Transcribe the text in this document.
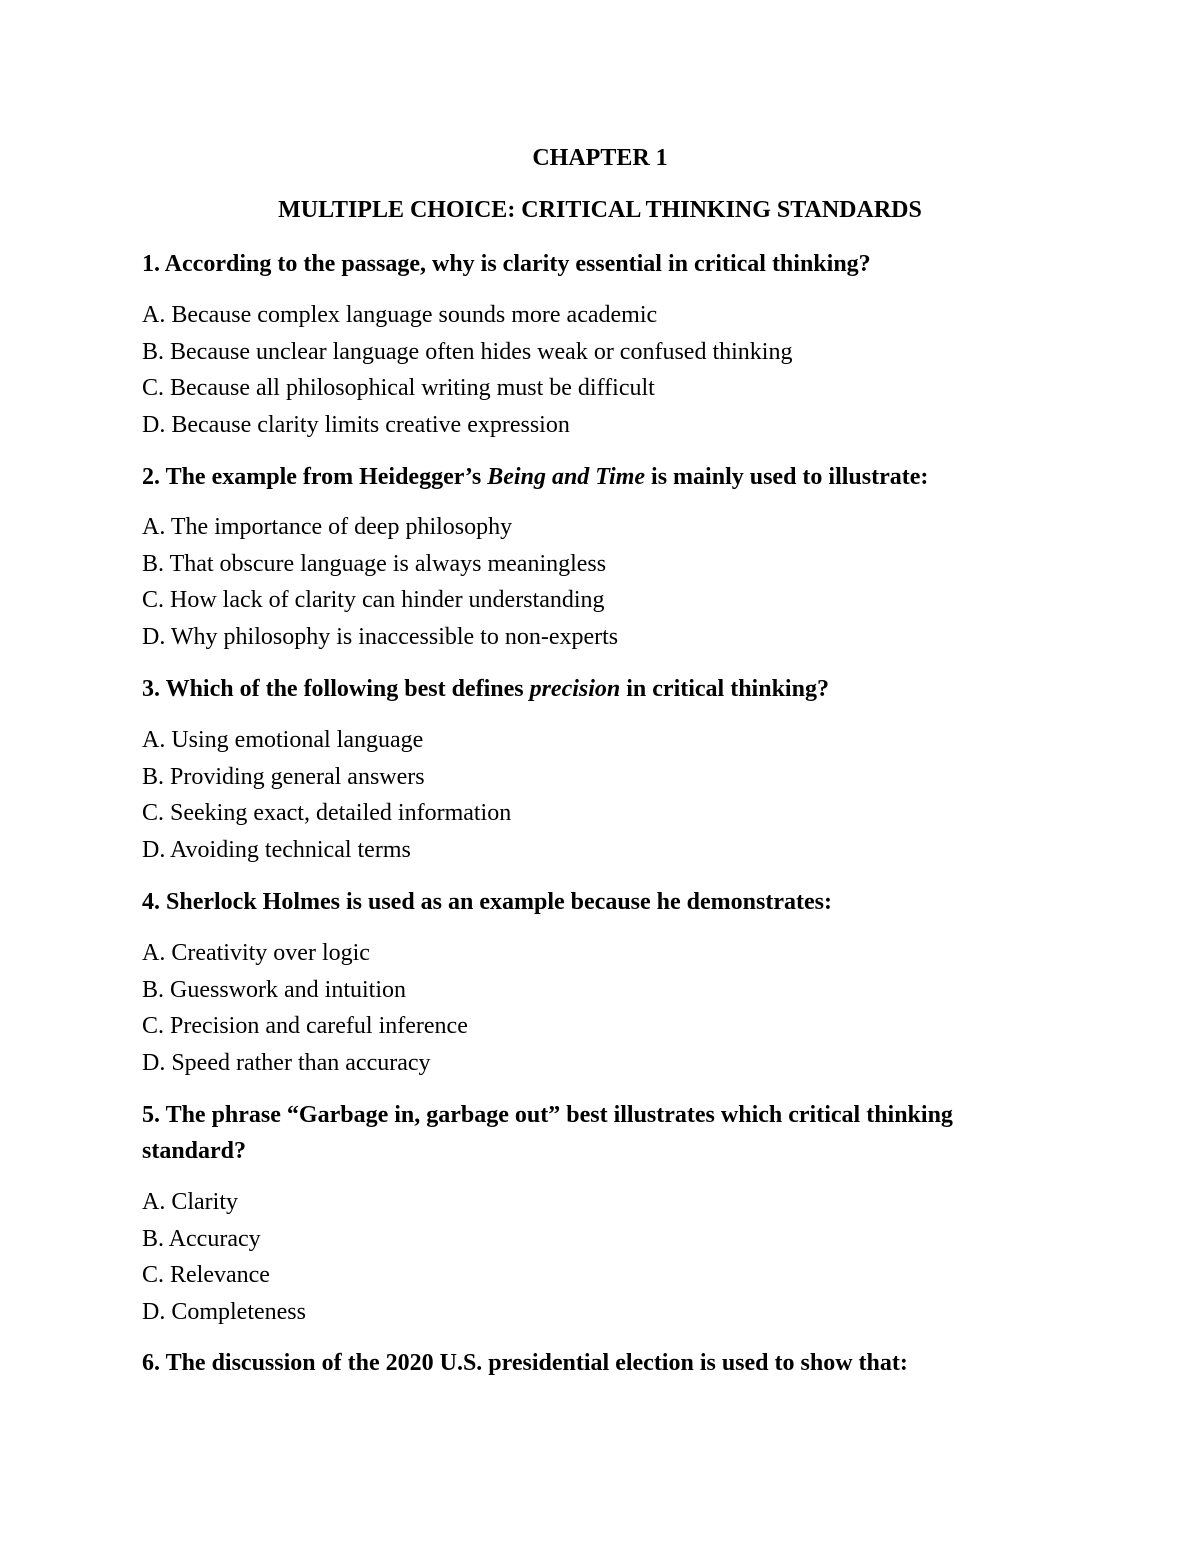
CHAPTER 1
MULTIPLE CHOICE: CRITICAL THINKING STANDARDS
1. According to the passage, why is clarity essential in critical thinking?
A. Because complex language sounds more academic
B. Because unclear language often hides weak or confused thinking
C. Because all philosophical writing must be difficult
D. Because clarity limits creative expression
2. The example from Heidegger’s Being and Time is mainly used to illustrate:
A. The importance of deep philosophy
B. That obscure language is always meaningless
C. How lack of clarity can hinder understanding
D. Why philosophy is inaccessible to non-experts
3. Which of the following best defines precision in critical thinking?
A. Using emotional language
B. Providing general answers
C. Seeking exact, detailed information
D. Avoiding technical terms
4. Sherlock Holmes is used as an example because he demonstrates:
A. Creativity over logic
B. Guesswork and intuition
C. Precision and careful inference
D. Speed rather than accuracy
5. The phrase “Garbage in, garbage out” best illustrates which critical thinking standard?
A. Clarity
B. Accuracy
C. Relevance
D. Completeness
6. The discussion of the 2020 U.S. presidential election is used to show that:
